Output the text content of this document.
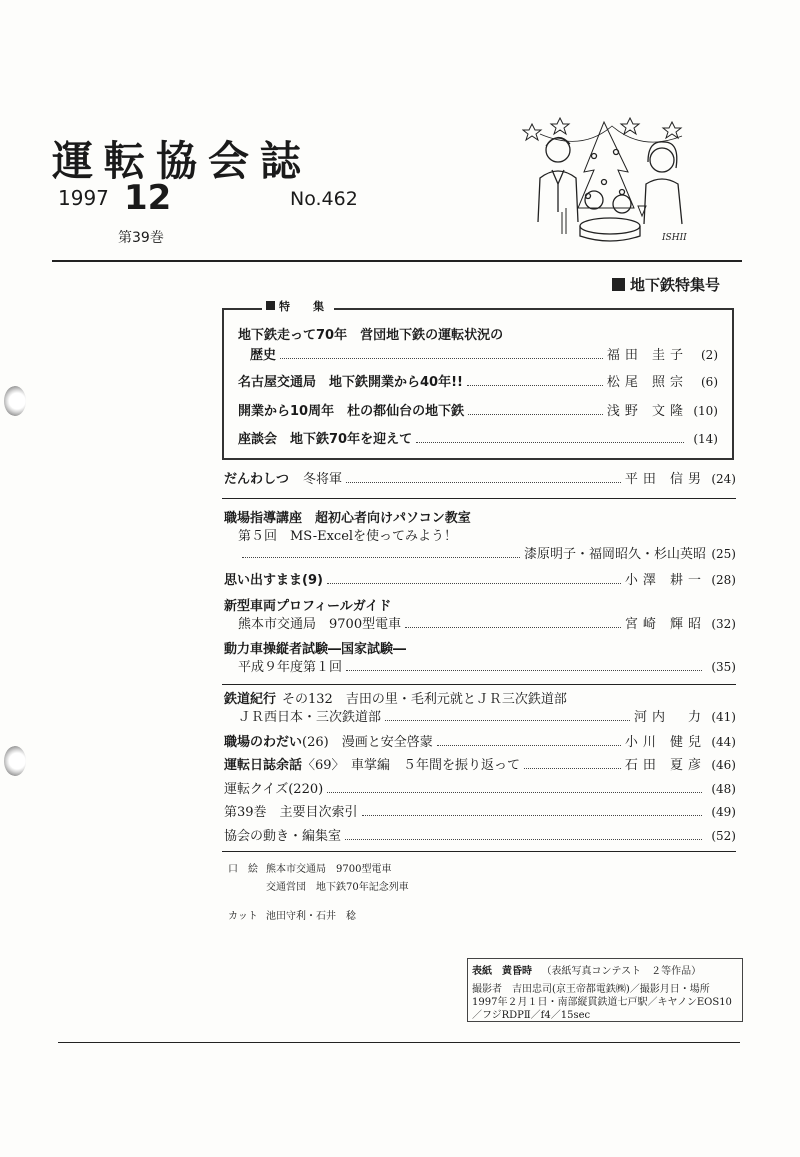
運転協会誌
1997 12
第39巻
No.462
ISHII
地下鉄特集号
特　集
地下鉄走って70年　営団地下鉄の運転状況の
歴史	福田 圭子	(2)
名古屋交通局　地下鉄開業から40年!!	松尾 照宗	(6)
開業から10周年　杜の都仙台の地下鉄	浅野 文隆 (10)
座談会　地下鉄70年を迎えて	(14)
だんわしつ 冬将軍	平田 信男 (24)
職場指導講座　超初心者向けパソコン教室
第５回　MS-Excelを使ってみよう！
漆原明子・福岡昭久・杉山英昭 (25)
思い出すまま(9)	小澤 耕一 (28)
新型車両プロフィールガイド
熊本市交通局　9700型電車	宮崎 輝昭 (32)
動力車操縦者試験―国家試験―
平成９年度第１回	(35)
鉄道紀行 その132　吉田の里・毛利元就とＪＲ三次鉄道部
ＪＲ西日本・三次鉄道部	河内　力 (41)
職場のわだい (26)　漫画と安全啓蒙	小川 健兒 (44)
運転日誌余話 〈69〉　車掌編　５年間を振り返って	石田 夏彦 (46)
運転クイズ(220)	(48)
第39巻　主要目次索引	(49)
協会の動き・編集室	(52)
口　絵 熊本市交通局　9700型電車
交通営団　地下鉄70年記念列車
カット 池田守利・石井　稔
表紙　黄昏時 （表紙写真コンテスト　２等作品）
撮影者　吉田忠司(京王帝都電鉄㈱)／撮影月日・場所
1997年２月１日・南部縦貫鉄道七戸駅／キヤノンEOS10
／フジRDPⅡ／f4／15sec
